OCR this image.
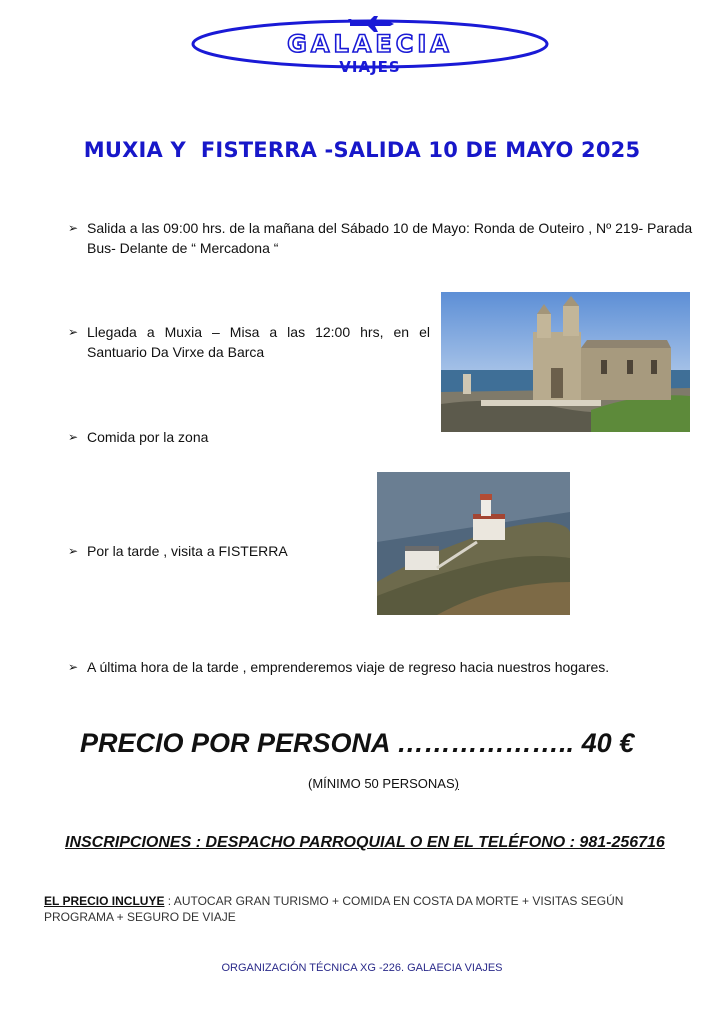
GALAECIA
VIAJES
MUXIA Y  FISTERRA -SALIDA 10 DE MAYO 2025
➢ Salida a las 09:00 hrs. de la mañana del Sábado 10 de Mayo: Ronda de Outeiro , Nº 219- Parada Bus- Delante de “ Mercadona “
➢ Llegada a Muxia – Misa a las 12:00 hrs, en el Santuario Da Virxe da Barca
➢ Comida por la zona
➢ Por la tarde , visita a FISTERRA
➢ A última hora de la tarde , emprenderemos viaje de regreso hacia nuestros hogares.
PRECIO POR PERSONA ……………….. 40 €
(MÍNIMO 50 PERSONAS)
INSCRIPCIONES : DESPACHO PARROQUIAL O EN EL TELÉFONO : 981-256716
EL PRECIO INCLUYE : AUTOCAR GRAN TURISMO + COMIDA EN COSTA DA MORTE + VISITAS SEGÚN PROGRAMA + SEGURO DE VIAJE
ORGANIZACIÓN TÉCNICA XG -226. GALAECIA VIAJES
